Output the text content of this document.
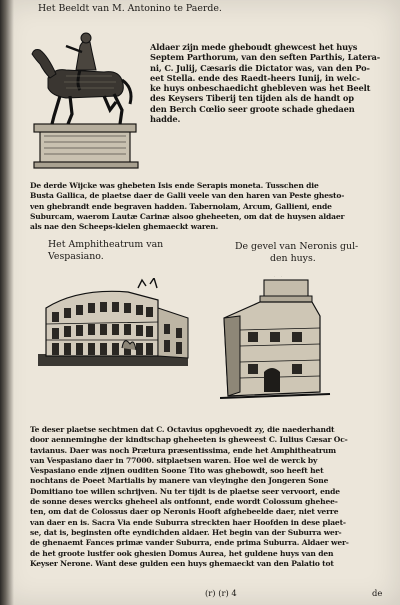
Het Beeldt van M. Antonino te Paerde.
Aldaer zijn mede gheboudt ghewcest het huys
Septem Parthorum, van den seften Parthis, Latera-
ni, C. Julij, Cæsaris die Dictator was, van den Po-
eet Stella. ende des Raedt-heers Iunij, in welc-
ke huys onbeschaedicht ghebleven was het Beelt
des Keysers Tiberij ten tijden als de handt op
den Berch Cœlio seer groote schade ghedaen
hadde.
De derde Wijcke was ghebeten Isis ende Serapis moneta. Tusschen die
Busta Gallica, de plaetse daer de Galli veele van den haren van Peste ghesto-
ven ghebrandt ende begraven hadden. Tabernolam, Arcum, Gallieni, ende
Suburcam, waerom Lautæ Carinæ alsoo gheheeten, om dat de huysen aldaer
als nae den Scheeps-kielen ghemaeckt waren.
Het Amphitheatrum van
Vespasiano.
De gevel van Neronis gul-
den huys.
Te deser plaetse sechtmen dat C. Octavius opghevoedt zy, die naederhandt
door aenneminghe der kindtschap gheheeten is gheweest C. Iulius Cæsar Oc-
tavianus. Daer was noch Prætura præsentissima, ende het Amphitheatrum
van Vespasiano daer in 77000. sitplaetsen waren. Hoe wel de werck by
Vespasiano ende zijnen ouditen Soone Tito was ghebowdt, soo heeft het
nochtans de Poeet Martialis by manere van vleyinghe den Jongeren Sone
Domitiano toe willen schrijven. Nu ter tijdt is de plaetse seer vervoort, ende
de sonne deses wercks gheheel als ontfonnt, ende wordt Colossum ghehee-
ten, om dat de Colossus daer op Neronis Hooft afghebeelde daer, niet verre
van daer en is. Sacra Via ende Suburra streckten haer Hoofden in dese plaet-
se, dat is, beginsten ofte eyndichden aldaer. Het begin van der Suburra wer-
de ghenaemt Fances primæ vander Suburra, ende prima Suburra. Aldaer wer-
de het groote lustfer ook ghesien Domus Aurea, het guldene huys van den
Keyser Nerone. Want dese gulden een huys ghemaeckt van den Palatio tot
(r) (r) 4	de
